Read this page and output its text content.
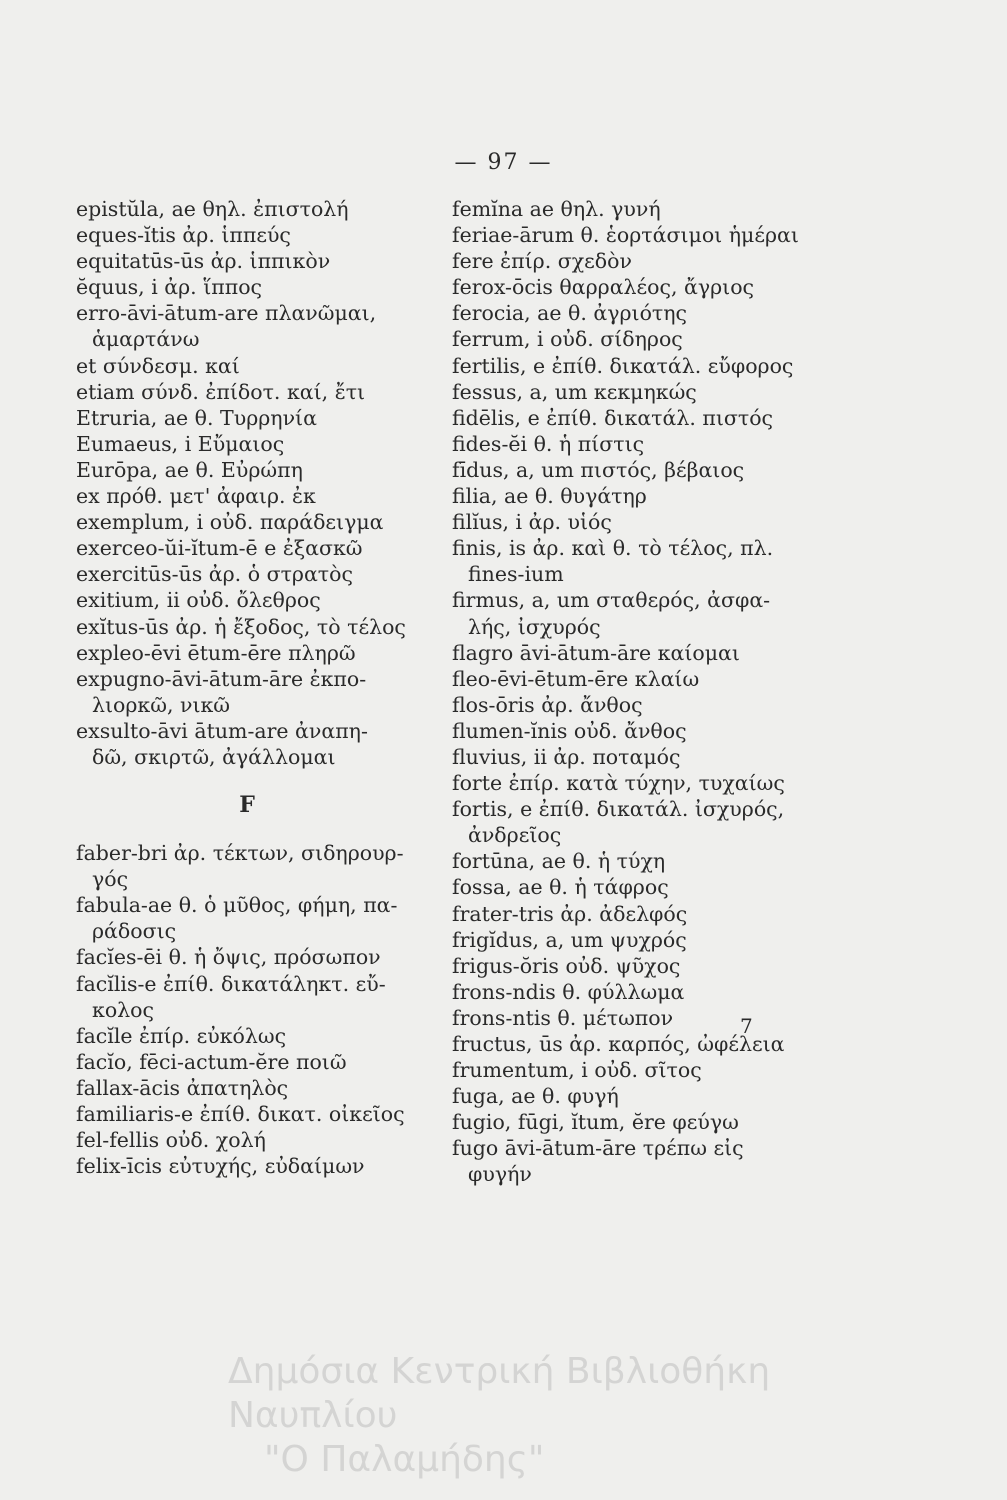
— 97 —
epistŭla, ae θηλ. ἐπιστολή
eques-ĭtis ἀρ. ἱππεύς
equitatūs-ūs ἀρ. ἱππικὸν
ĕquus, i ἀρ. ἵππος
erro-āvi-ātum-are πλανῶμαι,
ἁμαρτάνω
et σύνδεσμ. καί
etiam σύνδ. ἐπίδοτ. καί, ἔτι
Etruria, ae θ. Τυρρηνία
Eumaeus, i Εὔμαιος
Eurōpa, ae θ. Εὐρώπη
ex πρόθ. μετ' ἀφαιρ. ἐκ
exemplum, i οὐδ. παράδειγμα
exerceo-ŭi-ĭtum-ē e ἐξασκῶ
exercitūs-ūs ἀρ. ὁ στρατὸς
exitium, ii οὐδ. ὄλεθρος
exĭtus-ūs ἀρ. ἡ ἔξοδος, τὸ τέλος
expleo-ēvi ētum-ēre πληρῶ
expugno-āvi-ātum-āre ἐκπο-
λιορκῶ, νικῶ
exsulto-āvi ātum-are ἀναπη-
δῶ, σκιρτῶ, ἀγάλλομαι
F
faber-bri ἀρ. τέκτων, σιδηρουρ-
γός
fabula-ae θ. ὁ μῦθος, φήμη, πα-
ράδοσις
facĭes-ēi θ. ἡ ὄψις, πρόσωπον
facĭlis-e ἐπίθ. δικατάληκτ. εὔ-
κολος
facĭle ἐπίρ. εὐκόλως
facĭo, fēci-actum-ĕre ποιῶ
fallax-ācis ἀπατηλὸς
familiaris-e ἐπίθ. δικατ. οἰκεῖος
fel-fellis οὐδ. χολή
felix-īcis εὐτυχής, εὐδαίμων
femĭna ae θηλ. γυνή
feriae-ārum θ. ἑορτάσιμοι ἡμέραι
fere ἐπίρ. σχεδὸν
ferox-ōcis θαρραλέος, ἄγριος
ferocia, ae θ. ἀγριότης
ferrum, i οὐδ. σίδηρος
fertilis, e ἐπίθ. δικατάλ. εὔφορος
fessus, a, um κεκμηκώς
fidēlis, e ἐπίθ. δικατάλ. πιστός
fides-ĕi θ. ἡ πίστις
fīdus, a, um πιστός, βέβαιος
filia, ae θ. θυγάτηρ
filĭus, i ἀρ. υἱός
finis, is ἀρ. καὶ θ. τὸ τέλος, πλ.
fines-ium
firmus, a, um σταθερός, ἀσφα-
λής, ἰσχυρός
flagro āvi-ātum-āre καίομαι
fleo-ēvi-ētum-ēre κλαίω
flos-ōris ἀρ. ἄνθος
flumen-ĭnis οὐδ. ἄνθος
fluvius, ii ἀρ. ποταμός
forte ἐπίρ. κατὰ τύχην, τυχαίως
fortis, e ἐπίθ. δικατάλ. ἰσχυρός,
ἀνδρεῖος
fortūna, ae θ. ἡ τύχη
fossa, ae θ. ἡ τάφρος
frater-tris ἀρ. ἀδελφός
frigĭdus, a, um ψυχρός
frigus-ŏris οὐδ. ψῦχος
frons-ndis θ. φύλλωμα
frons-ntis θ. μέτωπον
fructus, ūs ἀρ. καρπός, ὠφέλεια
frumentum, i οὐδ. σῖτος
fuga, ae θ. φυγή
fugio, fūgi, ĭtum, ĕre φεύγω
fugo āvi-ātum-āre τρέπω εἰς
φυγήν
7
Δημόσια Κεντρική Βιβλιοθήκη Ναυπλίου
"Ο Παλαμήδης"
